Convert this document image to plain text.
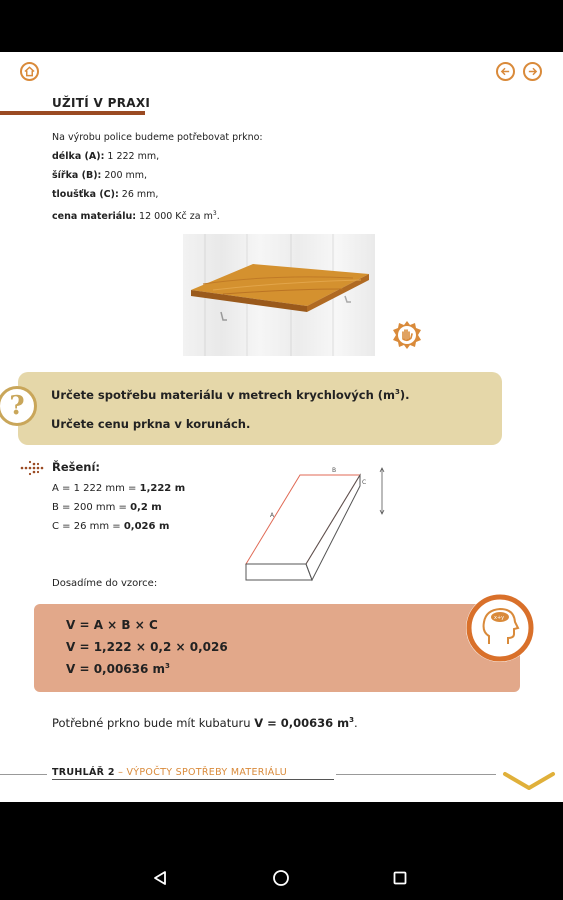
UŽITÍ V PRAXI
Na výrobu police budeme potřebovat prkno:
délka (A): 1 222 mm,
šířka (B): 200 mm,
tloušťka (C): 26 mm,
cena materiálu: 12 000 Kč za $m^3$.
Určete spotřebu materiálu v metrech krychlových $(m^3)$.
Určete cenu prkna v korunách.
?
Řešení:
A = 1 222 mm = 1,222 m
B = 200 mm = 0,2 m
C = 26 mm = 0,026 m
A
B
C
Dosadíme do vzorce:
V = A × B × C
V = 1,222 × 0,2 × 0,026
V = 0,00636 $m^3$
x+y
Potřebné prkno bude mít kubaturu V = 0,00636 $m^3$.
TRUHLÁŘ 2 – VÝPOČTY SPOTŘEBY MATERIÁLU
